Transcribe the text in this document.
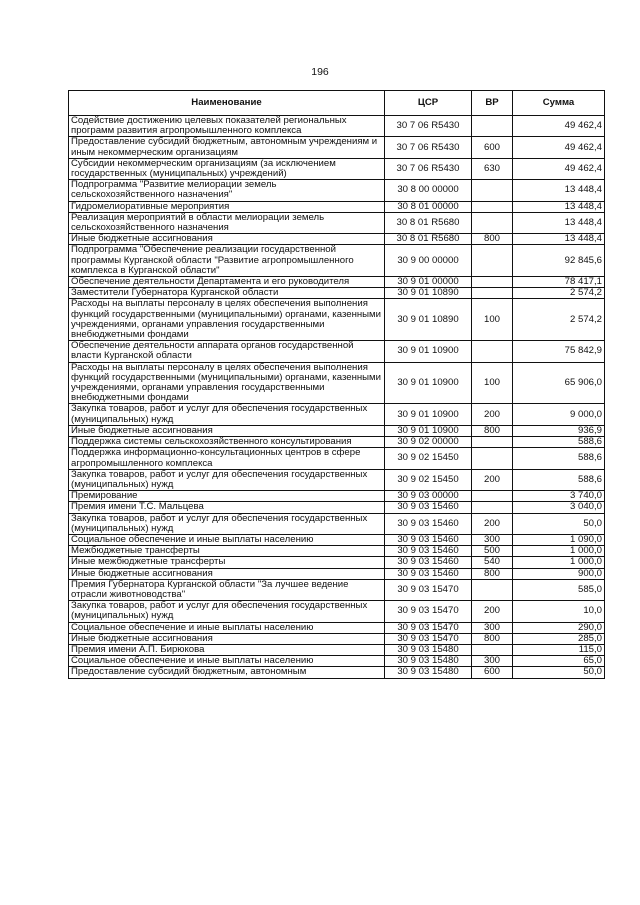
196
Наименование	ЦСР	ВР	Сумма
Содействие достижению целевых показателей региональных программ развития агропромышленного комплекса	30 7 06 R5430		49 462,4
Предоставление субсидий бюджетным, автономным учреждениям и иным некоммерческим организациям	30 7 06 R5430	600	49 462,4
Субсидии некоммерческим организациям (за исключением государственных (муниципальных) учреждений)	30 7 06 R5430	630	49 462,4
Подпрограмма "Развитие мелиорации земель сельскохозяйственного назначения"	30 8 00 00000		13 448,4
Гидромелиоративные мероприятия	30 8 01 00000		13 448,4
Реализация мероприятий в области мелиорации земель сельскохозяйственного назначения	30 8 01 R5680		13 448,4
Иные бюджетные ассигнования	30 8 01 R5680	800	13 448,4
Подпрограмма "Обеспечение реализации государственной программы Курганской области "Развитие агропромышленного комплекса в Курганской области"	30 9 00 00000		92 845,6
Обеспечение деятельности Департамента и его руководителя	30 9 01 00000		78 417,1
Заместители Губернатора Курганской области	30 9 01 10890		2 574,2
Расходы на выплаты персоналу в целях обеспечения выполнения функций государственными (муниципальными) органами, казенными учреждениями, органами управления государственными внебюджетными фондами	30 9 01 10890	100	2 574,2
Обеспечение деятельности аппарата органов государственной власти Курганской области	30 9 01 10900		75 842,9
Расходы на выплаты персоналу в целях обеспечения выполнения функций государственными (муниципальными) органами, казенными учреждениями, органами управления государственными внебюджетными фондами	30 9 01 10900	100	65 906,0
Закупка товаров, работ и услуг для обеспечения государственных (муниципальных) нужд	30 9 01 10900	200	9 000,0
Иные бюджетные ассигнования	30 9 01 10900	800	936,9
Поддержка системы сельскохозяйственного консультирования	30 9 02 00000		588,6
Поддержка информационно-консультационных центров в сфере агропромышленного комплекса	30 9 02 15450		588,6
Закупка товаров, работ и услуг для обеспечения государственных (муниципальных) нужд	30 9 02 15450	200	588,6
Премирование	30 9 03 00000		3 740,0
Премия имени Т.С. Мальцева	30 9 03 15460		3 040,0
Закупка товаров, работ и услуг для обеспечения государственных (муниципальных) нужд	30 9 03 15460	200	50,0
Социальное обеспечение и иные выплаты населению	30 9 03 15460	300	1 090,0
Межбюджетные трансферты	30 9 03 15460	500	1 000,0
Иные межбюджетные трансферты	30 9 03 15460	540	1 000,0
Иные бюджетные ассигнования	30 9 03 15460	800	900,0
Премия Губернатора Курганской области "За лучшее ведение отрасли животноводства"	30 9 03 15470		585,0
Закупка товаров, работ и услуг для обеспечения государственных (муниципальных) нужд	30 9 03 15470	200	10,0
Социальное обеспечение и иные выплаты населению	30 9 03 15470	300	290,0
Иные бюджетные ассигнования	30 9 03 15470	800	285,0
Премия имени А.П. Бирюкова	30 9 03 15480		115,0
Социальное обеспечение и иные выплаты населению	30 9 03 15480	300	65,0
Предоставление субсидий бюджетным, автономным	30 9 03 15480	600	50,0
